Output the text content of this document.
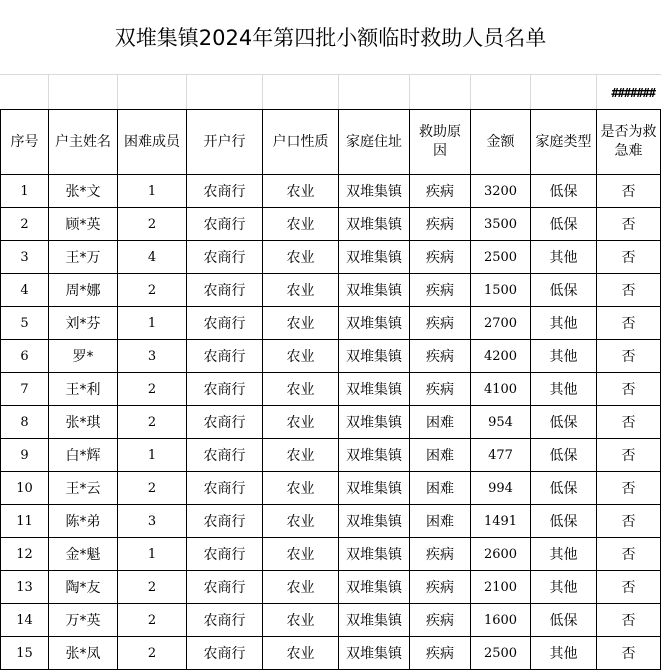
双堆集镇2024年第四批小额临时救助人员名单
#######
序号	户主姓名	困难成员	开户行	户口性质	家庭住址	救助原因	金额	家庭类型	是否为救急难
1	张*文	1	农商行	农业	双堆集镇	疾病	3200	低保	否
2	顾*英	2	农商行	农业	双堆集镇	疾病	3500	低保	否
3	王*万	4	农商行	农业	双堆集镇	疾病	2500	其他	否
4	周*娜	2	农商行	农业	双堆集镇	疾病	1500	低保	否
5	刘*芬	1	农商行	农业	双堆集镇	疾病	2700	其他	否
6	罗*	3	农商行	农业	双堆集镇	疾病	4200	其他	否
7	王*利	2	农商行	农业	双堆集镇	疾病	4100	其他	否
8	张*琪	2	农商行	农业	双堆集镇	困难	954	低保	否
9	白*辉	1	农商行	农业	双堆集镇	困难	477	低保	否
10	王*云	2	农商行	农业	双堆集镇	困难	994	低保	否
11	陈*弟	3	农商行	农业	双堆集镇	困难	1491	低保	否
12	金*魁	1	农商行	农业	双堆集镇	疾病	2600	其他	否
13	陶*友	2	农商行	农业	双堆集镇	疾病	2100	其他	否
14	万*英	2	农商行	农业	双堆集镇	疾病	1600	低保	否
15	张*凤	2	农商行	农业	双堆集镇	疾病	2500	其他	否
